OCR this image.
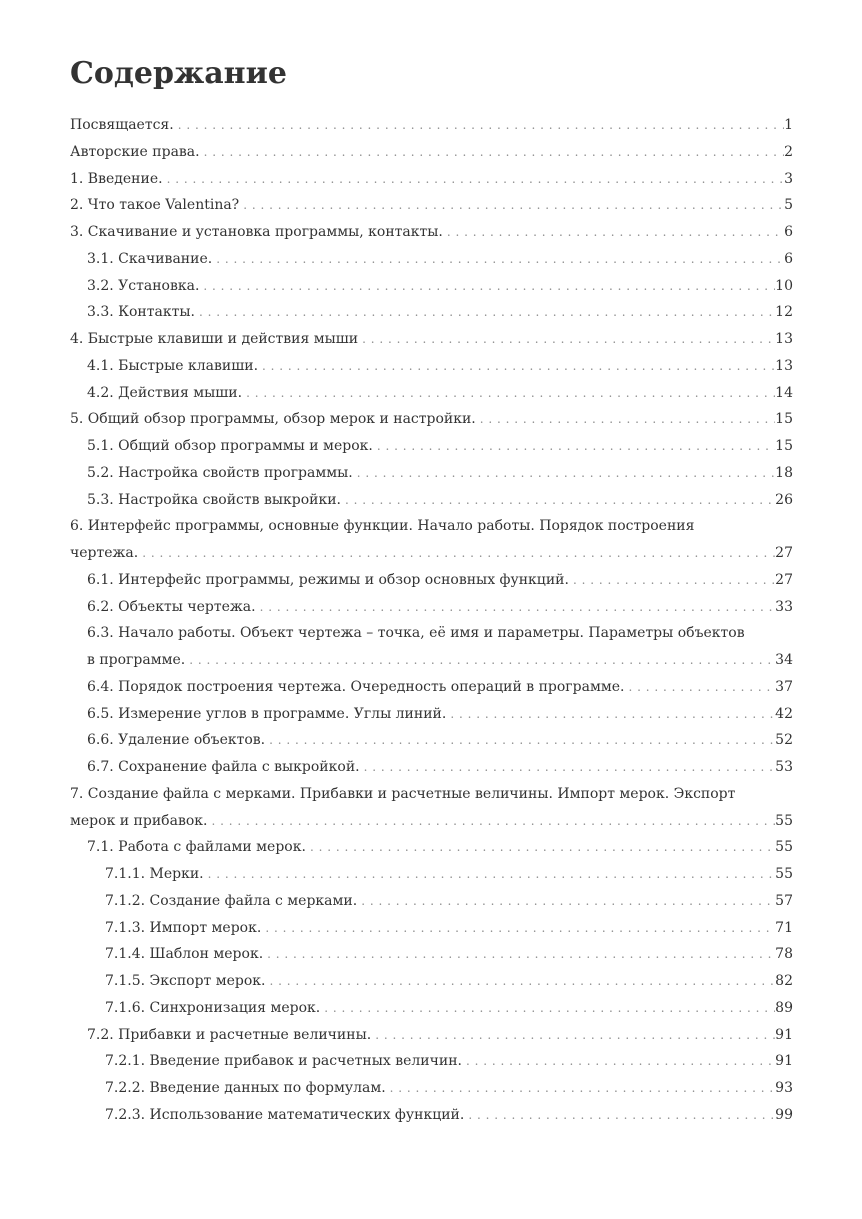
Содержание
Посвящается. . . .	1
Авторские права. . . .	2
1. Введение. . . .	3
2. Что такое Valentina? . . .	5
3. Скачивание и установка программы, контакты. . . .	6
3.1. Скачивание. . . .	6
3.2. Установка. . . .	10
3.3. Контакты. . . .	12
4. Быстрые клавиши и действия мыши . . .	13
4.1. Быстрые клавиши. . . .	13
4.2. Действия мыши. . . .	14
5. Общий обзор программы, обзор мерок и настройки. . . .	15
5.1. Общий обзор программы и мерок. . . .	15
5.2. Настройка свойств программы. . . .	18
5.3. Настройка свойств выкройки. . . .	26
6. Интерфейс программы, основные функции. Начало работы. Порядок построения
чертежа. . . .	27
6.1. Интерфейс программы, режимы и обзор основных функций. . . .	27
6.2. Объекты чертежа. . . .	33
6.3. Начало работы. Объект чертежа – точка, её имя и параметры. Параметры объектов
в программе. . . .	34
6.4. Порядок построения чертежа. Очередность операций в программе. . . .	37
6.5. Измерение углов в программе. Углы линий. . . .	42
6.6. Удаление объектов. . . .	52
6.7. Сохранение файла с выкройкой. . . .	53
7. Создание файла с мерками. Прибавки и расчетные величины. Импорт мерок. Экспорт
мерок и прибавок. . . .	55
7.1. Работа с файлами мерок. . . .	55
7.1.1. Мерки. . . .	55
7.1.2. Создание файла с мерками. . . .	57
7.1.3. Импорт мерок. . . .	71
7.1.4. Шаблон мерок. . . .	78
7.1.5. Экспорт мерок. . . .	82
7.1.6. Синхронизация мерок. . . .	89
7.2. Прибавки и расчетные величины. . . .	91
7.2.1. Введение прибавок и расчетных величин. . . .	91
7.2.2. Введение данных по формулам. . . .	93
7.2.3. Использование математических функций. . . .	99
